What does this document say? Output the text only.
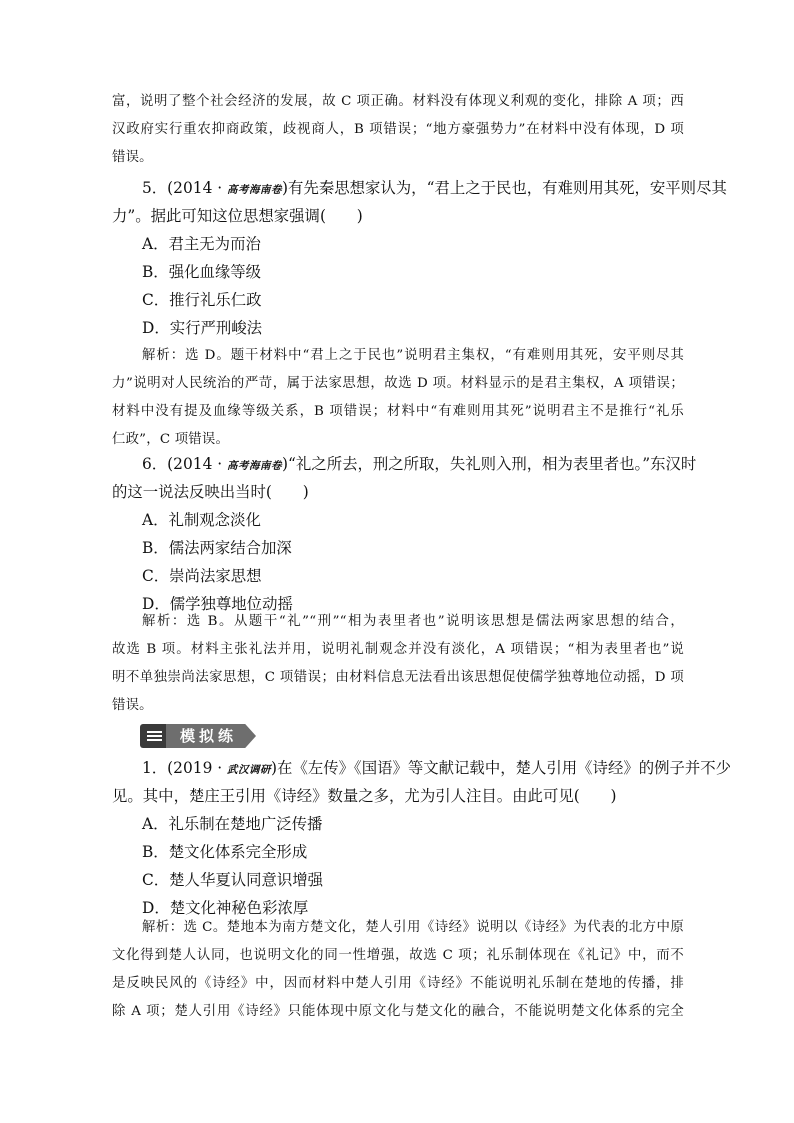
富，说明了整个社会经济的发展，故 C 项正确。材料没有体现义利观的变化，排除 A 项；西
汉政府实行重农抑商政策，歧视商人，B 项错误；“地方豪强势力”在材料中没有体现，D 项
错误。
5．(2014 · 高考海南卷)有先秦思想家认为，“君上之于民也，有难则用其死，安平则尽其
力”。据此可知这位思想家强调(　　)
A．君主无为而治
B．强化血缘等级
C．推行礼乐仁政
D．实行严刑峻法
解析：选 D。题干材料中“君上之于民也”说明君主集权，“有难则用其死，安平则尽其
力”说明对人民统治的严苛，属于法家思想，故选 D 项。材料显示的是君主集权，A 项错误；
材料中没有提及血缘等级关系，B 项错误；材料中“有难则用其死”说明君主不是推行“礼乐
仁政”，C 项错误。
6．(2014 · 高考海南卷)“礼之所去，刑之所取，失礼则入刑，相为表里者也。”东汉时
的这一说法反映出当时(　　)
A．礼制观念淡化
B．儒法两家结合加深
C．崇尚法家思想
D．儒学独尊地位动摇
解析：选 B。从题干“礼”“刑”“相为表里者也”说明该思想是儒法两家思想的结合，
故选 B 项。材料主张礼法并用，说明礼制观念并没有淡化，A 项错误；“相为表里者也”说
明不单独崇尚法家思想，C 项错误；由材料信息无法看出该思想促使儒学独尊地位动摇，D 项
错误。
模拟练
1．(2019 · 武汉调研)在《左传》《国语》等文献记载中，楚人引用《诗经》的例子并不少
见。其中，楚庄王引用《诗经》数量之多，尤为引人注目。由此可见(　　)
A．礼乐制在楚地广泛传播
B．楚文化体系完全形成
C．楚人华夏认同意识增强
D．楚文化神秘色彩浓厚
解析：选 C。楚地本为南方楚文化，楚人引用《诗经》说明以《诗经》为代表的北方中原
文化得到楚人认同，也说明文化的同一性增强，故选 C 项；礼乐制体现在《礼记》中，而不
是反映民风的《诗经》中，因而材料中楚人引用《诗经》不能说明礼乐制在楚地的传播，排
除 A 项；楚人引用《诗经》只能体现中原文化与楚文化的融合，不能说明楚文化体系的完全
